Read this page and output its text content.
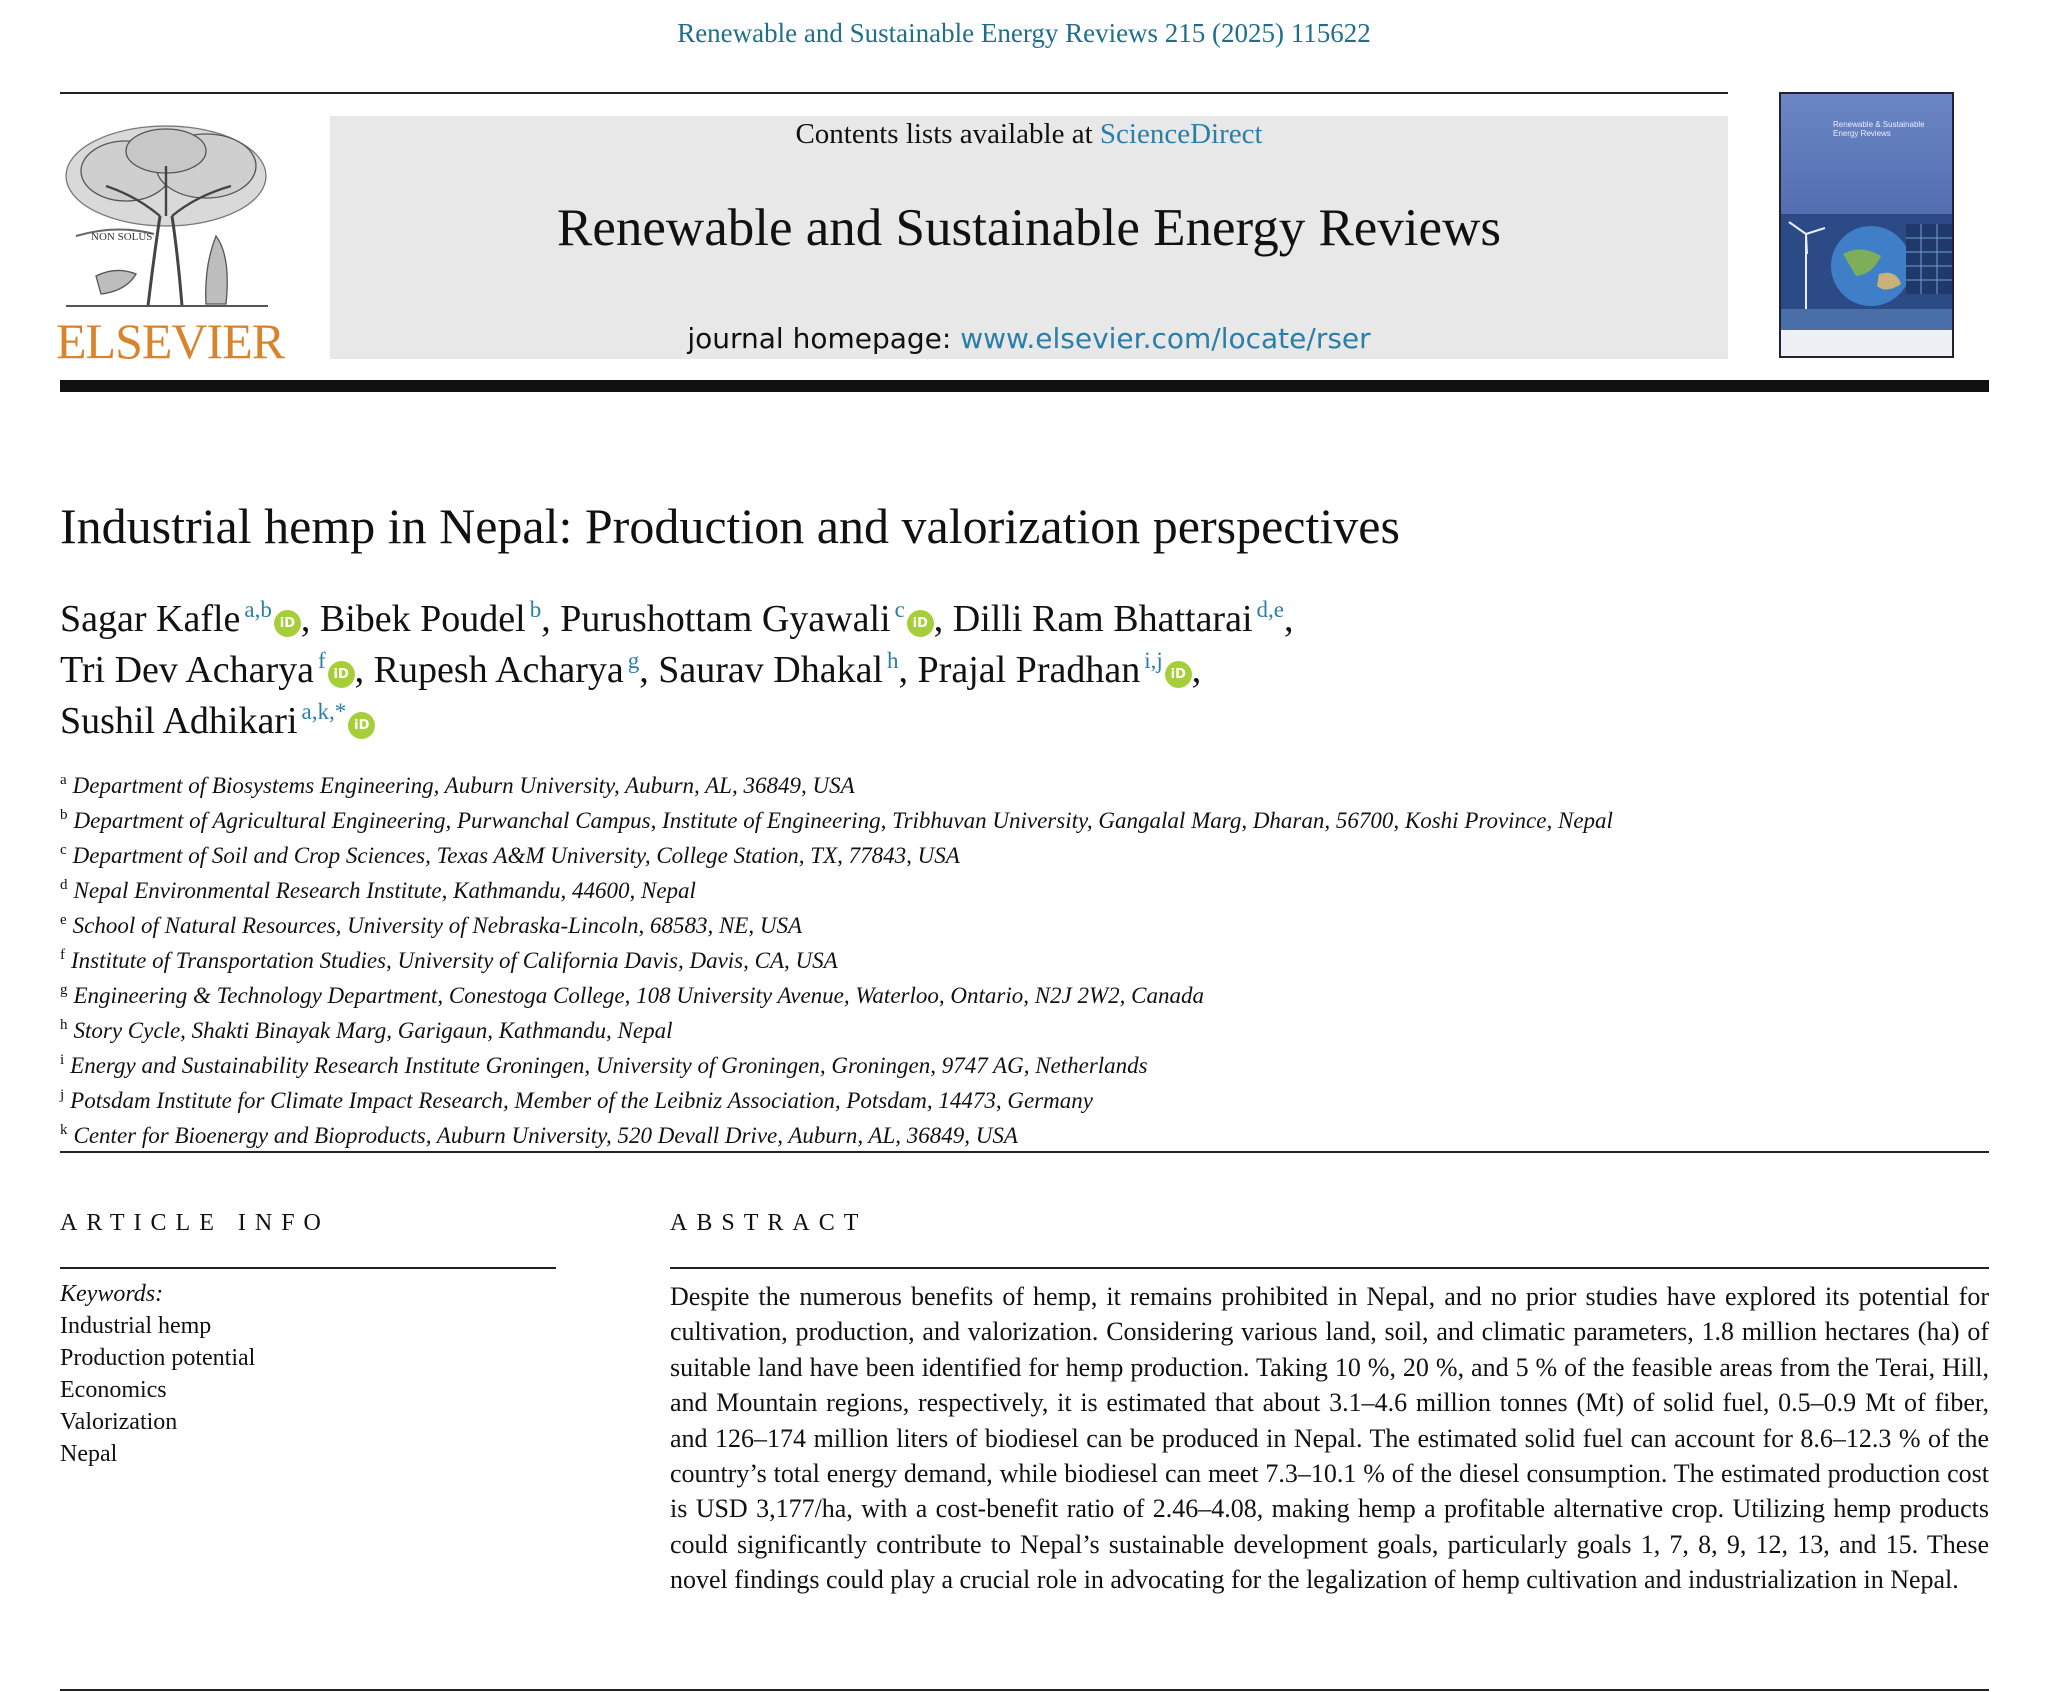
Renewable and Sustainable Energy Reviews 215 (2025) 115622
NON SOLUS
ELSEVIER
Contents lists available at ScienceDirect
Renewable and Sustainable Energy Reviews
journal homepage: www.elsevier.com/locate/rser
Renewable & Sustainable Energy Reviews
Industrial hemp in Nepal: Production and valorization perspectives
Sagar Kafle $^{a,b}$iD , Bibek Poudel $^b$, Purushottam Gyawali $^c$iD , Dilli Ram Bhattarai $^{d,e}$,
Tri Dev Acharya $^f$iD , Rupesh Acharya $^g$, Saurav Dhakal $^h$, Prajal Pradhan $^{i,j}$iD ,
Sushil Adhikari $^{a,k,*}$iD
$^a$ Department of Biosystems Engineering, Auburn University, Auburn, AL, 36849, USA
$^b$ Department of Agricultural Engineering, Purwanchal Campus, Institute of Engineering, Tribhuvan University, Gangalal Marg, Dharan, 56700, Koshi Province, Nepal
$^c$ Department of Soil and Crop Sciences, Texas A&M University, College Station, TX, 77843, USA
$^d$ Nepal Environmental Research Institute, Kathmandu, 44600, Nepal
$^e$ School of Natural Resources, University of Nebraska-Lincoln, 68583, NE, USA
$^f$ Institute of Transportation Studies, University of California Davis, Davis, CA, USA
$^g$ Engineering & Technology Department, Conestoga College, 108 University Avenue, Waterloo, Ontario, N2J 2W2, Canada
$^h$ Story Cycle, Shakti Binayak Marg, Garigaun, Kathmandu, Nepal
$^i$ Energy and Sustainability Research Institute Groningen, University of Groningen, Groningen, 9747 AG, Netherlands
$^j$ Potsdam Institute for Climate Impact Research, Member of the Leibniz Association, Potsdam, 14473, Germany
$^k$ Center for Bioenergy and Bioproducts, Auburn University, 520 Devall Drive, Auburn, AL, 36849, USA
ARTICLE INFO
Keywords:
Industrial hemp
Production potential
Economics
Valorization
Nepal
ABSTRACT
Despite the numerous benefits of hemp, it remains prohibited in Nepal, and no prior studies have explored its potential for cultivation, production, and valorization. Considering various land, soil, and climatic parameters, 1.8 million hectares (ha) of suitable land have been identified for hemp production. Taking 10 %, 20 %, and 5 % of the feasible areas from the Terai, Hill, and Mountain regions, respectively, it is estimated that about 3.1–4.6 million tonnes (Mt) of solid fuel, 0.5–0.9 Mt of fiber, and 126–174 million liters of biodiesel can be produced in Nepal. The estimated solid fuel can account for 8.6–12.3 % of the country’s total energy demand, while biodiesel can meet 7.3–10.1 % of the diesel consumption. The estimated production cost is USD 3,177/ha, with a cost-benefit ratio of 2.46–4.08, making hemp a profitable alternative crop. Utilizing hemp products could significantly contribute to Nepal’s sustainable development goals, particularly goals 1, 7, 8, 9, 12, 13, and 15. These novel findings could play a crucial role in advocating for the legalization of hemp cultivation and industrialization in Nepal.
